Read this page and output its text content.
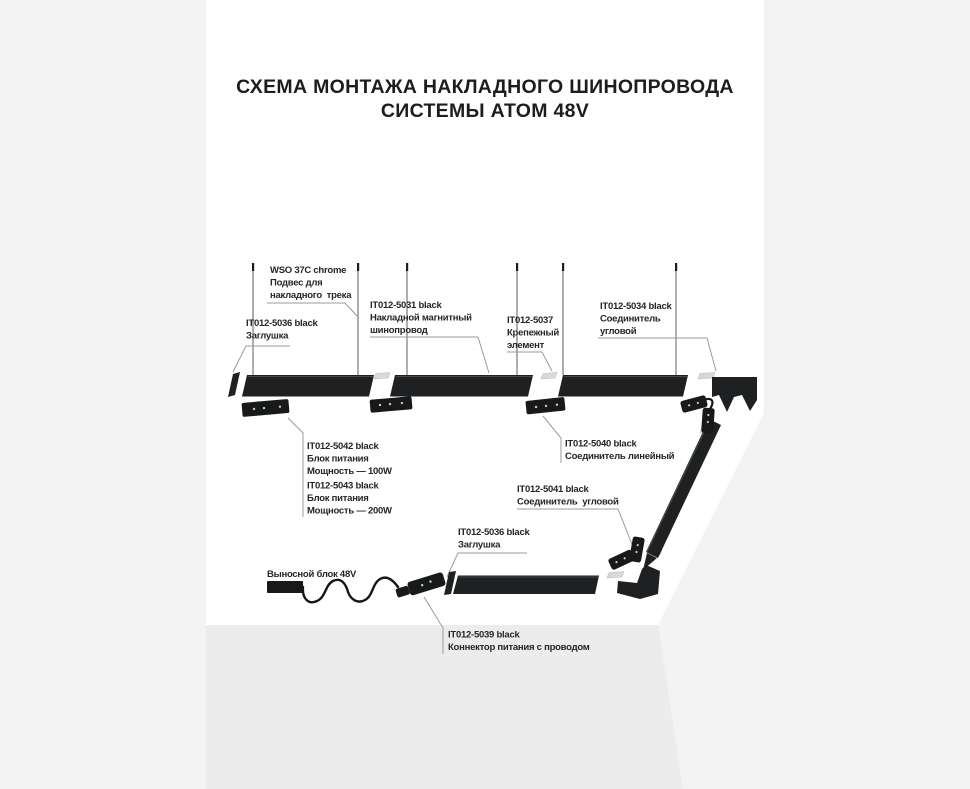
СХЕМА МОНТАЖА НАКЛАДНОГО ШИНОПРОВОДА
СИСТЕМЫ АТОМ 48V
WSO 37C chrome
Подвес для
накладного  трека
IT012-5036 black
Заглушка
IT012-5031 black
Накладной магнитный
шинопровод
IT012-5037
Крепежный
элемент
IT012-5034 black
Соединитель
угловой
IT012-5042 black
Блок питания
Мощность — 100W
IT012-5043 black
Блок питания
Мощность — 200W
IT012-5040 black
Соединитель линейный
IT012-5041 black
Соединитель  угловой
IT012-5036 black
Заглушка
Выносной блок 48V
IT012-5039 black
Коннектор питания с проводом
